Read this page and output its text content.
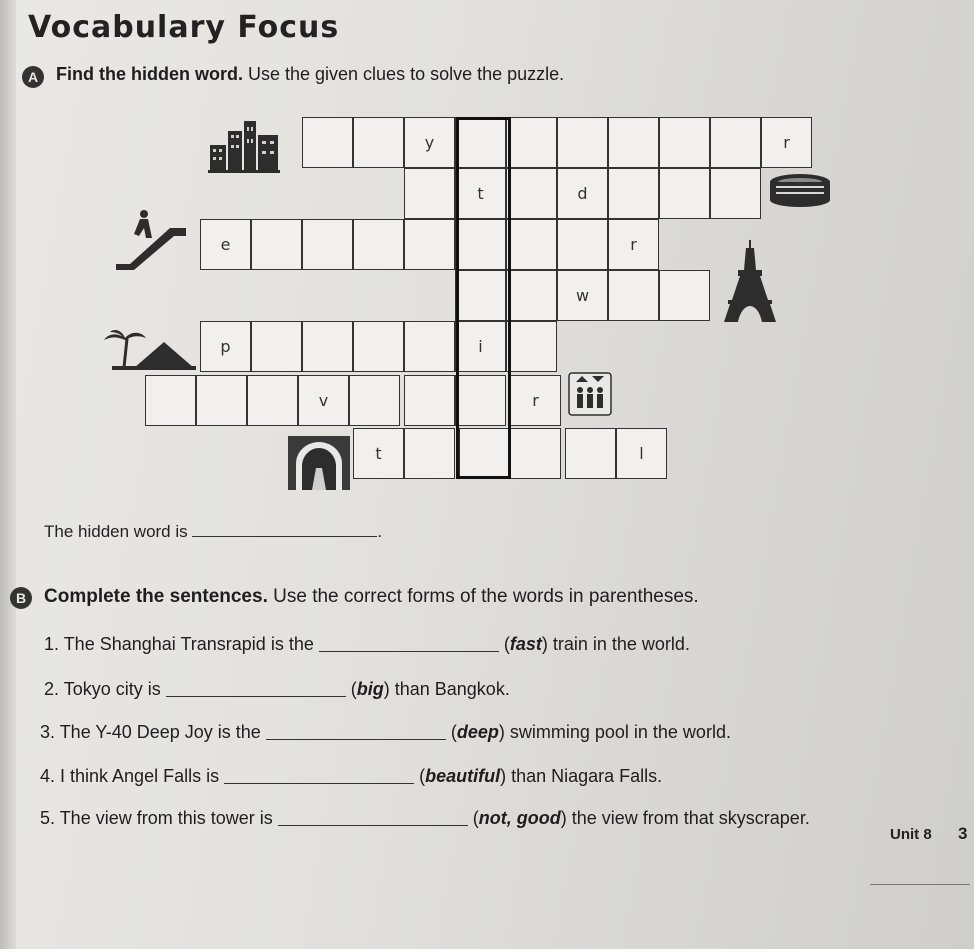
Vocabulary Focus
A Find the hidden word. Use the given clues to solve the puzzle.
y	r
t	d
e	r
w
p	i
v	r
t	l
The hidden word is	.
B Complete the sentences. Use the correct forms of the words in parentheses.
1. The Shanghai Transrapid is the	(fast) train in the world.
2. Tokyo city is	(big) than Bangkok.
3. The Y-40 Deep Joy is the	(deep) swimming pool in the world.
4. I think Angel Falls is	(beautiful) than Niagara Falls.
5. The view from this tower is	(not, good) the view from that skyscraper.
Unit 8 3
